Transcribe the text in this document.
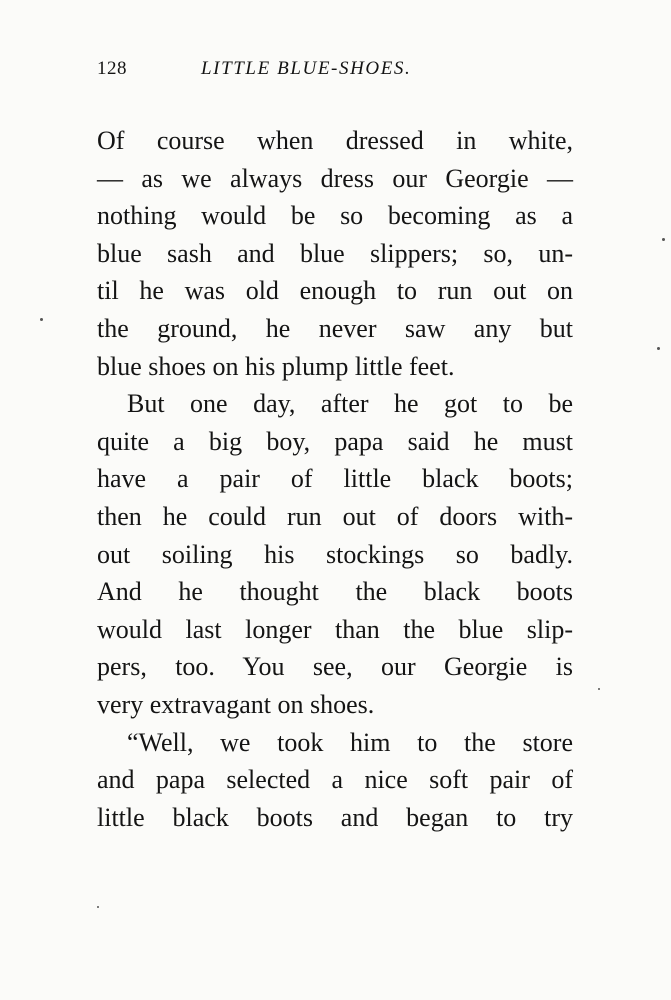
128	LITTLE BLUE-SHOES.
Of course when dressed in white,
— as we always dress our Georgie —
nothing would be so becoming as a
blue sash and blue slippers; so, un-
til he was old enough to run out on
the ground, he never saw any but
blue shoes on his plump little feet.
But one day, after he got to be
quite a big boy, papa said he must
have a pair of little black boots;
then he could run out of doors with-
out soiling his stockings so badly.
And he thought the black boots
would last longer than the blue slip-
pers, too. You see, our Georgie is
very extravagant on shoes.
“Well, we took him to the store
and papa selected a nice soft pair of
little black boots and began to try
